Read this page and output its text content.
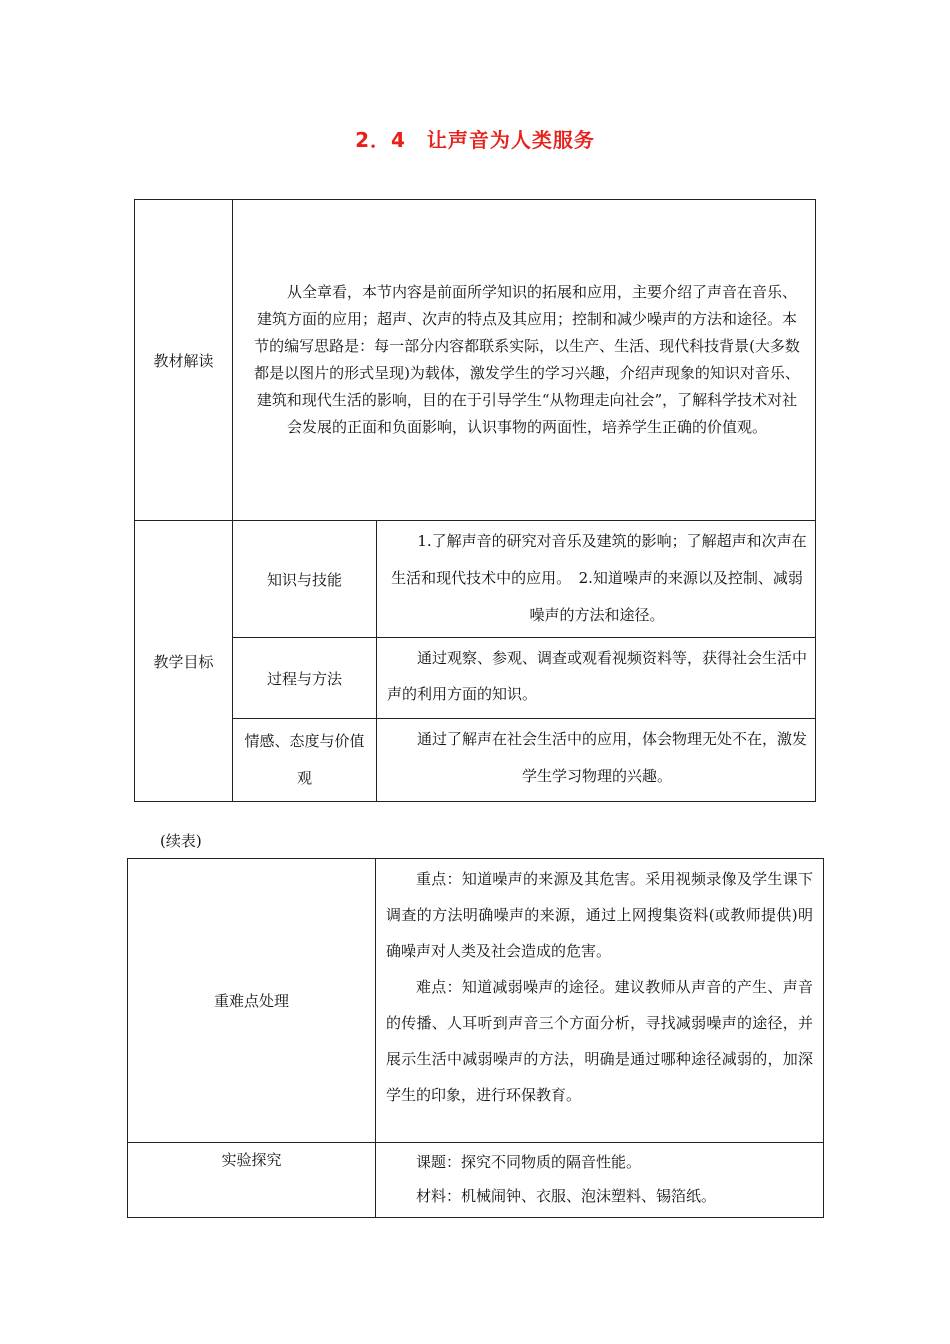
2．4　让声音为人类服务
教材解读
从全章看，本节内容是前面所学知识的拓展和应用，主要介绍了声音在音乐、建筑方面的应用；超声、次声的特点及其应用；控制和减少噪声的方法和途径。本节的编写思路是：每一部分内容都联系实际，以生产、生活、现代科技背景(大多数都是以图片的形式呈现)为载体，激发学生的学习兴趣，介绍声现象的知识对音乐、建筑和现代生活的影响，目的在于引导学生“从物理走向社会”，了解科学技术对社会发展的正面和负面影响，认识事物的两面性，培养学生正确的价值观。
教学目标
知识与技能
1.了解声音的研究对音乐及建筑的影响；了解超声和次声在生活和现代技术中的应用。　2.知道噪声的来源以及控制、减弱噪声的方法和途径。
过程与方法
通过观察、参观、调查或观看视频资料等，获得社会生活中声的利用方面的知识。
情感、态度与价值观
通过了解声在社会生活中的应用，体会物理无处不在，激发学生学习物理的兴趣。
(续表)
重难点处理
重点：知道噪声的来源及其危害。采用视频录像及学生课下调查的方法明确噪声的来源，通过上网搜集资料(或教师提供)明确噪声对人类及社会造成的危害。
难点：知道减弱噪声的途径。建议教师从声音的产生、声音的传播、人耳听到声音三个方面分析，寻找减弱噪声的途径，并展示生活中减弱噪声的方法，明确是通过哪种途径减弱的，加深学生的印象，进行环保教育。
实验探究	课题：探究不同物质的隔音性能。
材料：机械闹钟、衣服、泡沫塑料、锡箔纸。
